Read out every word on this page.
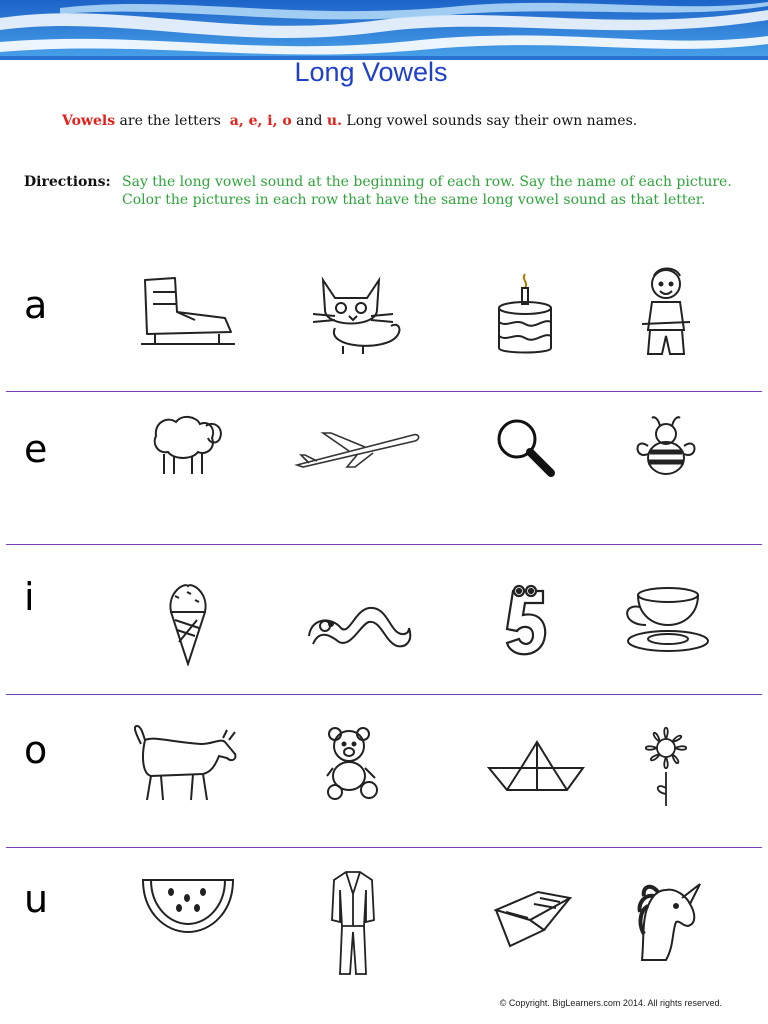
Long Vowels
Vowels are the letters a, e, i, o and u. Long vowel sounds say their own names.
Directions: Say the long vowel sound at the beginning of each row. Say the name of each picture. Color the pictures in each row that have the same long vowel sound as that letter.
a
e
i
o
u
© Copyright. BigLearners.com 2014. All rights reserved.
